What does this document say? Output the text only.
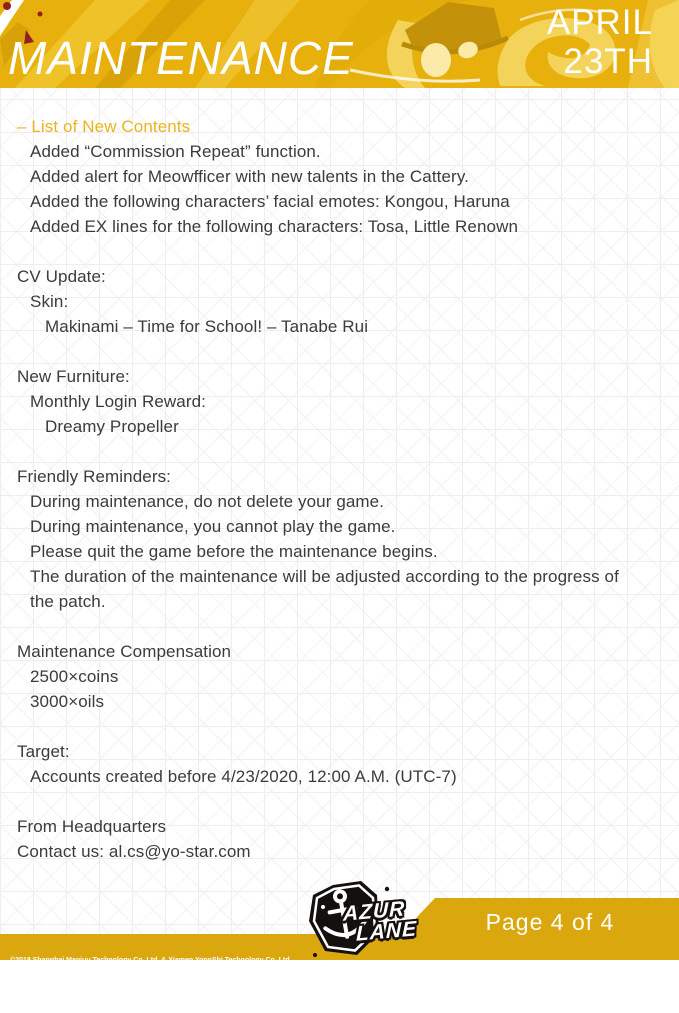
MAINTENANCE
APRIL
23TH
– List of New Contents
Added “Commission Repeat” function.
Added alert for Meowfficer with new talents in the Cattery.
Added the following characters’ facial emotes: Kongou, Haruna
Added EX lines for the following characters: Tosa, Little Renown
CV Update:
Skin:
Makinami – Time for School! – Tanabe Rui
New Furniture:
Monthly Login Reward:
Dreamy Propeller
Friendly Reminders:
During maintenance, do not delete your game.
During maintenance, you cannot play the game.
Please quit the game before the maintenance begins.
The duration of the maintenance will be adjusted according to the progress of
the patch.
Maintenance Compensation
2500×coins
3000×oils
Target:
Accounts created before 4/23/2020, 12:00 A.M. (UTC-7)
From Headquarters
Contact us: al.cs@yo-star.com
Page 4 of 4

©2018 Shanghai Manjuu Technology Co.,Ltd  & Xiamen YongShi Technology Co.,Ltd.

©2018 Shanghai Yostar Co., Ltd.

AZUR
LANE
